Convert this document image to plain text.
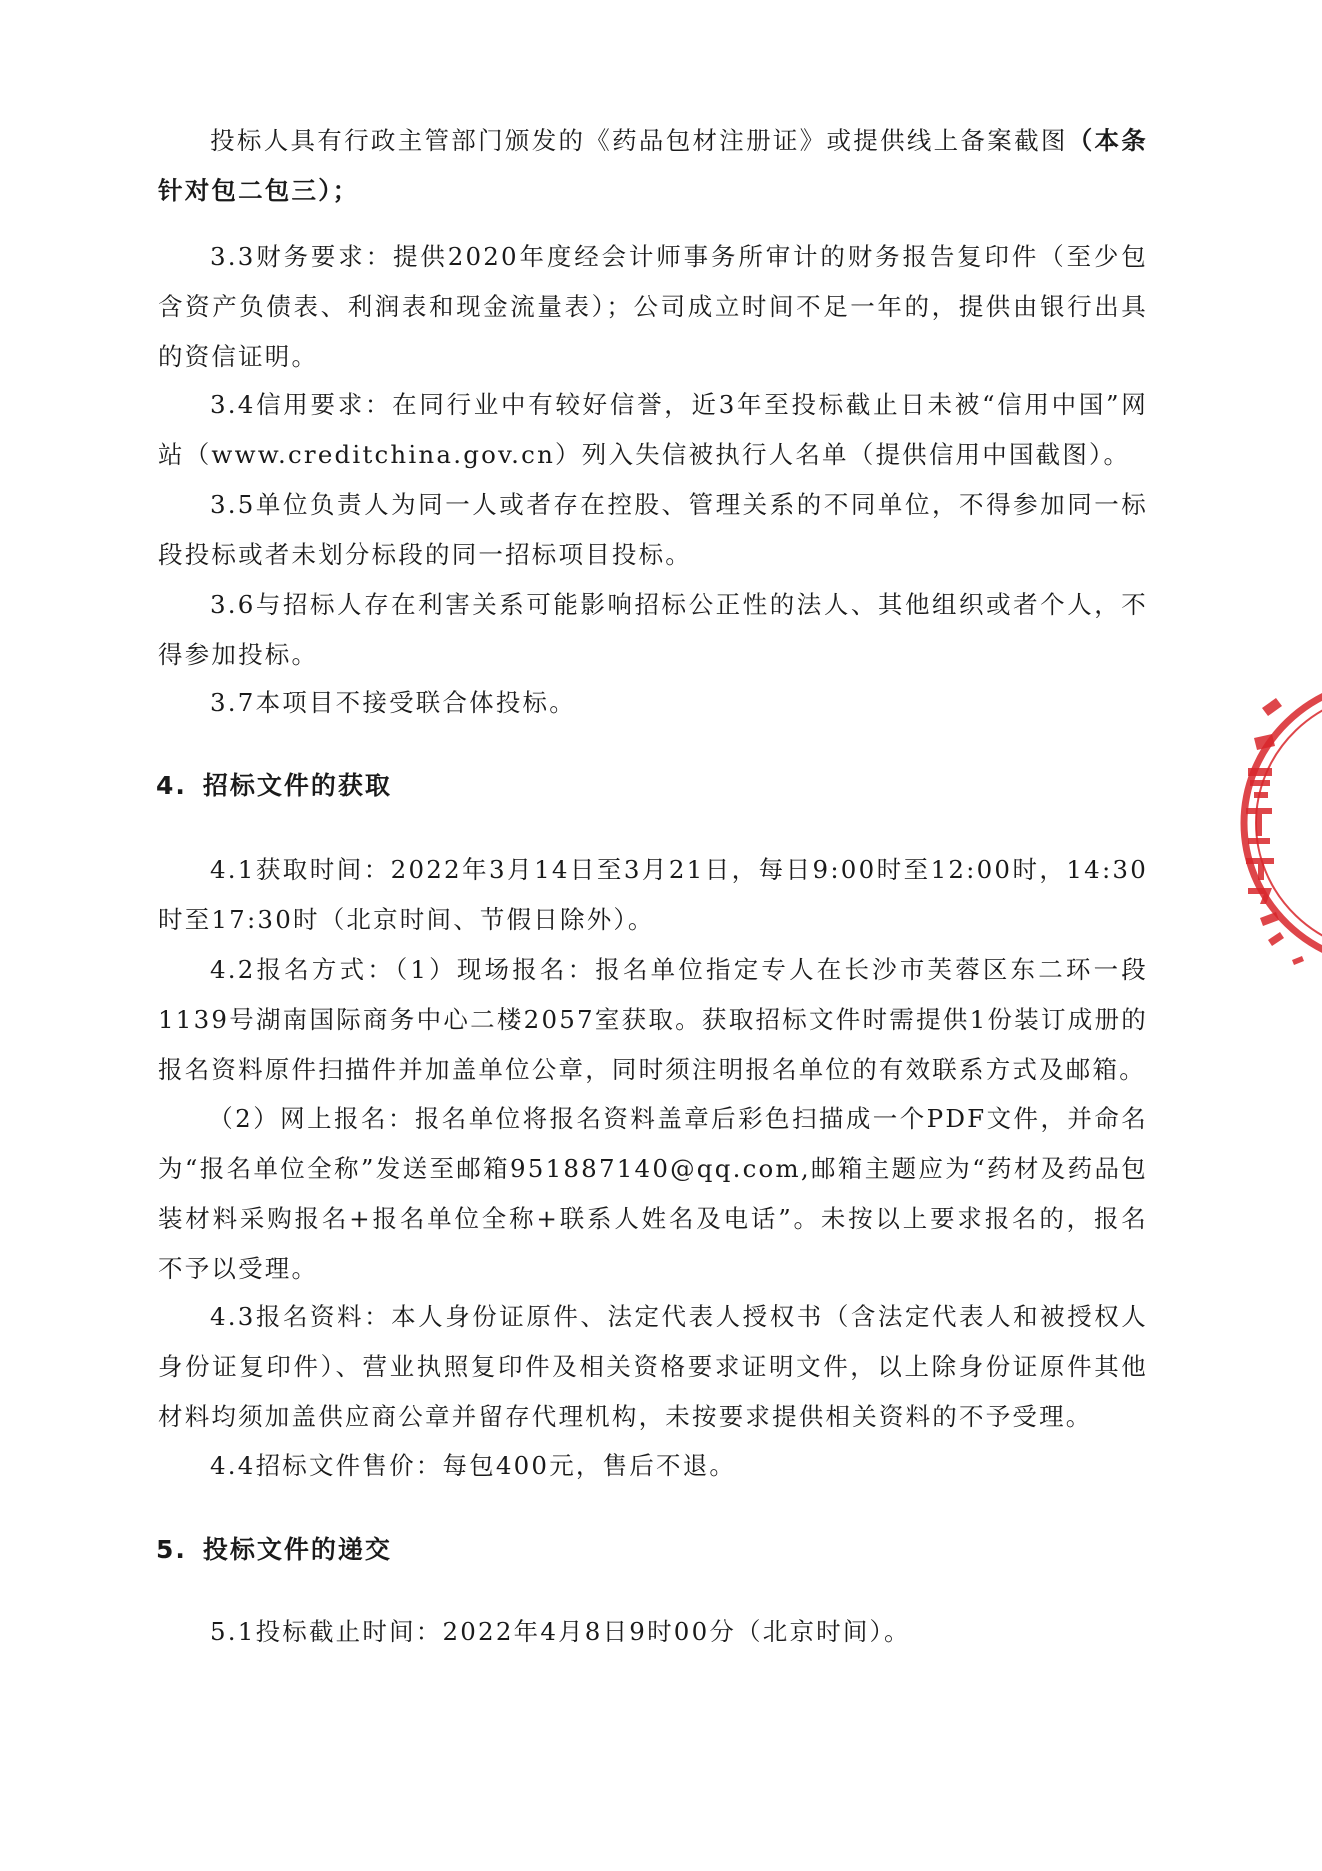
投标人具有行政主管部门颁发的《药品包材注册证》或提供线上备案截图（本条针对包二包三）；

3.3财务要求：提供2020年度经会计师事务所审计的财务报告复印件（至少包含资产负债表、利润表和现金流量表）；公司成立时间不足一年的，提供由银行出具的资信证明。

3.4信用要求：在同行业中有较好信誉，近3年至投标截止日未被“信用中国”网站（www.creditchina.gov.cn）列入失信被执行人名单（提供信用中国截图）。

3.5单位负责人为同一人或者存在控股、管理关系的不同单位，不得参加同一标段投标或者未划分标段的同一招标项目投标。

3.6与招标人存在利害关系可能影响招标公正性的法人、其他组织或者个人，不得参加投标。

3.7本项目不接受联合体投标。

4. 招标文件的获取

4.1获取时间：2022年3月14日至3月21日，每日9:00时至12:00时，14:30时至17:30时（北京时间、节假日除外）。

4.2报名方式：（1）现场报名：报名单位指定专人在长沙市芙蓉区东二环一段1139号湖南国际商务中心二楼2057室获取。获取招标文件时需提供1份装订成册的报名资料原件扫描件并加盖单位公章，同时须注明报名单位的有效联系方式及邮箱。

（2）网上报名：报名单位将报名资料盖章后彩色扫描成一个PDF文件，并命名为“报名单位全称”发送至邮箱951887140@qq.com,邮箱主题应为“药材及药品包装材料采购报名+报名单位全称+联系人姓名及电话”。未按以上要求报名的，报名不予以受理。

4.3报名资料：本人身份证原件、法定代表人授权书（含法定代表人和被授权人身份证复印件）、营业执照复印件及相关资格要求证明文件，以上除身份证原件其他材料均须加盖供应商公章并留存代理机构，未按要求提供相关资料的不予受理。

4.4招标文件售价：每包400元，售后不退。

5. 投标文件的递交

5.1投标截止时间：2022年4月8日9时00分（北京时间）。
